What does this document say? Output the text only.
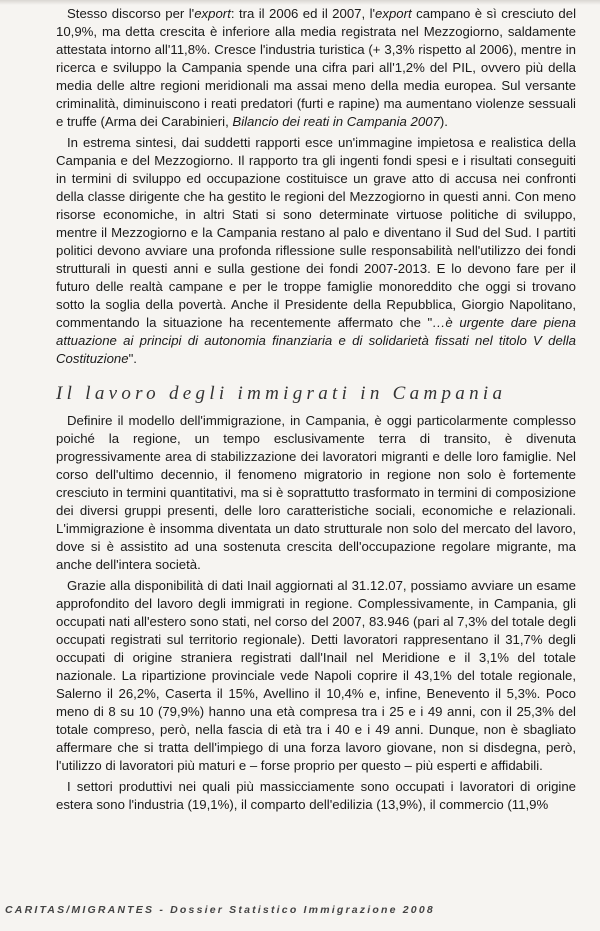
Stesso discorso per l'export: tra il 2006 ed il 2007, l'export campano è sì cresciuto del 10,9%, ma detta crescita è inferiore alla media registrata nel Mezzogiorno, saldamente attestata intorno all'11,8%. Cresce l'industria turistica (+ 3,3% rispetto al 2006), mentre in ricerca e sviluppo la Campania spende una cifra pari all'1,2% del PIL, ovvero più della media delle altre regioni meridionali ma assai meno della media europea. Sul versante criminalità, diminuiscono i reati predatori (furti e rapine) ma aumentano violenze sessuali e truffe (Arma dei Carabinieri, Bilancio dei reati in Campania 2007).

In estrema sintesi, dai suddetti rapporti esce un'immagine impietosa e realistica della Campania e del Mezzogiorno. Il rapporto tra gli ingenti fondi spesi e i risultati conseguiti in termini di sviluppo ed occupazione costituisce un grave atto di accusa nei confronti della classe dirigente che ha gestito le regioni del Mezzogiorno in questi anni. Con meno risorse economiche, in altri Stati si sono determinate virtuose politiche di sviluppo, mentre il Mezzogiorno e la Campania restano al palo e diventano il Sud del Sud. I partiti politici devono avviare una profonda riflessione sulle responsabilità nell'utilizzo dei fondi strutturali in questi anni e sulla gestione dei fondi 2007-2013. E lo devono fare per il futuro delle realtà campane e per le troppe famiglie monoreddito che oggi si trovano sotto la soglia della povertà. Anche il Presidente della Repubblica, Giorgio Napolitano, commentando la situazione ha recentemente affermato che "…è urgente dare piena attuazione ai principi di autonomia finanziaria e di solidarietà fissati nel titolo V della Costituzione".

Il lavoro degli immigrati in Campania

Definire il modello dell'immigrazione, in Campania, è oggi particolarmente complesso poiché la regione, un tempo esclusivamente terra di transito, è divenuta progressivamente area di stabilizzazione dei lavoratori migranti e delle loro famiglie. Nel corso dell'ultimo decennio, il fenomeno migratorio in regione non solo è fortemente cresciuto in termini quantitativi, ma si è soprattutto trasformato in termini di composizione dei diversi gruppi presenti, delle loro caratteristiche sociali, economiche e relazionali. L'immigrazione è insomma diventata un dato strutturale non solo del mercato del lavoro, dove si è assistito ad una sostenuta crescita dell'occupazione regolare migrante, ma anche dell'intera società.

Grazie alla disponibilità di dati Inail aggiornati al 31.12.07, possiamo avviare un esame approfondito del lavoro degli immigrati in regione. Complessivamente, in Campania, gli occupati nati all'estero sono stati, nel corso del 2007, 83.946 (pari al 7,3% del totale degli occupati registrati sul territorio regionale). Detti lavoratori rappresentano il 31,7% degli occupati di origine straniera registrati dall'Inail nel Meridione e il 3,1% del totale nazionale. La ripartizione provinciale vede Napoli coprire il 43,1% del totale regionale, Salerno il 26,2%, Caserta il 15%, Avellino il 10,4% e, infine, Benevento il 5,3%. Poco meno di 8 su 10 (79,9%) hanno una età compresa tra i 25 e i 49 anni, con il 25,3% del totale compreso, però, nella fascia di età tra i 40 e i 49 anni. Dunque, non è sbagliato affermare che si tratta dell'impiego di una forza lavoro giovane, non si disdegna, però, l'utilizzo di lavoratori più maturi e – forse proprio per questo – più esperti e affidabili.

I settori produttivi nei quali più massicciamente sono occupati i lavoratori di origine estera sono l'industria (19,1%), il comparto dell'edilizia (13,9%), il commercio (11,9%

CARITAS/MIGRANTES - Dossier Statistico Immigrazione 2008
